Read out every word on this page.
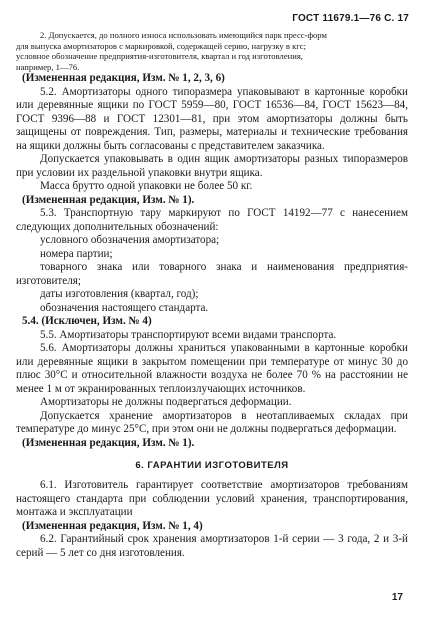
ГОСТ 11679.1—76 С. 17

2. Допускается, до полного износа использовать имеющийся парк пресс-форм

для выпуска амортизаторов с маркировкой, содержащей серию, нагрузку в кгс;

условное обозначение предприятия-изготовителя, квартал и год изготовления,

например, 1—76.

(Измененная редакция, Изм. № 1, 2, 3, 6)

5.2. Амортизаторы одного типоразмера упаковывают в картонные коробки или деревянные ящики по ГОСТ 5959—80, ГОСТ 16536—84, ГОСТ 15623—84, ГОСТ 9396—88 и ГОСТ 12301—81, при этом амортизаторы должны быть защищены от повреждения. Тип, размеры, материалы и технические требования на ящики должны быть согласованы с представителем заказчика.

Допускается упаковывать в один ящик амортизаторы разных типоразмеров при условии их раздельной упаковки внутри ящика.

Масса брутто одной упаковки не более 50 кг.

(Измененная редакция, Изм. № 1).

5.3. Транспортную тару маркируют по ГОСТ 14192—77 с нанесением следующих дополнительных обозначений:

условного обозначения амортизатора;

номера партии;

товарного знака или товарного знака и наименования предприятия-изготовителя;

даты изготовления (квартал, год);

обозначения настоящего стандарта.

5.4. (Исключен, Изм. № 4)

5.5. Амортизаторы транспортируют всеми видами транспорта.

5.6. Амортизаторы должны храниться упакованными в картонные коробки или деревянные ящики в закрытом помещении при температуре от минус 30 до плюс 30°С и относительной влажности воздуха не более 70 % на расстоянии не менее 1 м от экранированных теплоизлучающих источников.

Амортизаторы не должны подвергаться деформации.

Допускается хранение амортизаторов в неотапливаемых складах при температуре до минус 25°С, при этом они не должны подвергаться деформации.

(Измененная редакция, Изм. № 1).

6. ГАРАНТИИ ИЗГОТОВИТЕЛЯ

6.1. Изготовитель гарантирует соответствие амортизаторов требованиям настоящего стандарта при соблюдении условий хранения, транспортирования, монтажа и эксплуатации

(Измененная редакция, Изм. № 1, 4)

6.2. Гарантийный срок хранения амортизаторов 1-й серии — 3 года, 2 и 3-й серий — 5 лет со дня изготовления.

17
